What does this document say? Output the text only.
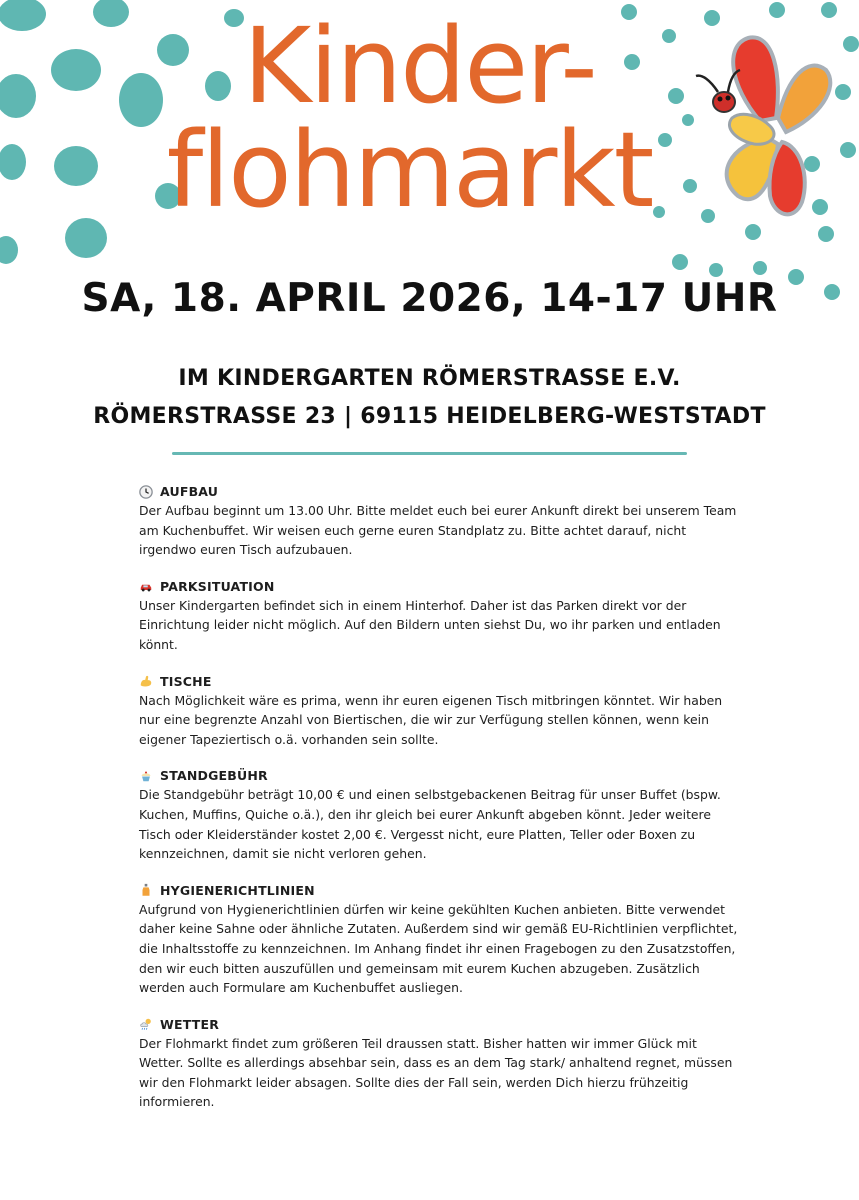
Kinder-
flohmarkt
SA, 18. APRIL 2026, 14-17 UHR
IM KINDERGARTEN RÖMERSTRASSE E.V.
RÖMERSTRASSE 23 | 69115 HEIDELBERG-WESTSTADT
AUFBAU
Der Aufbau beginnt um 13.00 Uhr. Bitte meldet euch bei eurer Ankunft direkt bei unserem Team am Kuchenbuffet. Wir weisen euch gerne euren Standplatz zu. Bitte achtet darauf, nicht irgendwo euren Tisch aufzubauen.
PARKSITUATION
Unser Kindergarten befindet sich in einem Hinterhof. Daher ist das Parken direkt vor der Einrichtung leider nicht möglich. Auf den Bildern unten siehst Du, wo ihr parken und entladen könnt.
TISCHE
Nach Möglichkeit wäre es prima, wenn ihr euren eigenen Tisch mitbringen könntet. Wir haben nur eine begrenzte Anzahl von Biertischen, die wir zur Verfügung stellen können, wenn kein eigener Tapeziertisch o.ä. vorhanden sein sollte.
STANDGEBÜHR
Die Standgebühr beträgt 10,00 € und einen selbstgebackenen Beitrag für unser Buffet (bspw. Kuchen, Muffins, Quiche o.ä.), den ihr gleich bei eurer Ankunft abgeben könnt. Jeder weitere Tisch oder Kleiderständer kostet 2,00 €. Vergesst nicht, eure Platten, Teller oder Boxen zu kennzeichnen, damit sie nicht verloren gehen.
HYGIENERICHTLINIEN
Aufgrund von Hygienerichtlinien dürfen wir keine gekühlten Kuchen anbieten. Bitte verwendet daher keine Sahne oder ähnliche Zutaten. Außerdem sind wir gemäß EU-Richtlinien verpflichtet, die Inhaltsstoffe zu kennzeichnen. Im Anhang findet ihr einen Fragebogen zu den Zusatzstoffen, den wir euch bitten auszufüllen und gemeinsam mit eurem Kuchen abzugeben. Zusätzlich werden auch Formulare am Kuchenbuffet ausliegen.
WETTER
Der Flohmarkt findet zum größeren Teil draussen statt. Bisher hatten wir immer Glück mit Wetter. Sollte es allerdings absehbar sein, dass es an dem Tag stark/ anhaltend regnet, müssen wir den Flohmarkt leider absagen. Sollte dies der Fall sein, werden Dich hierzu frühzeitig informieren.
